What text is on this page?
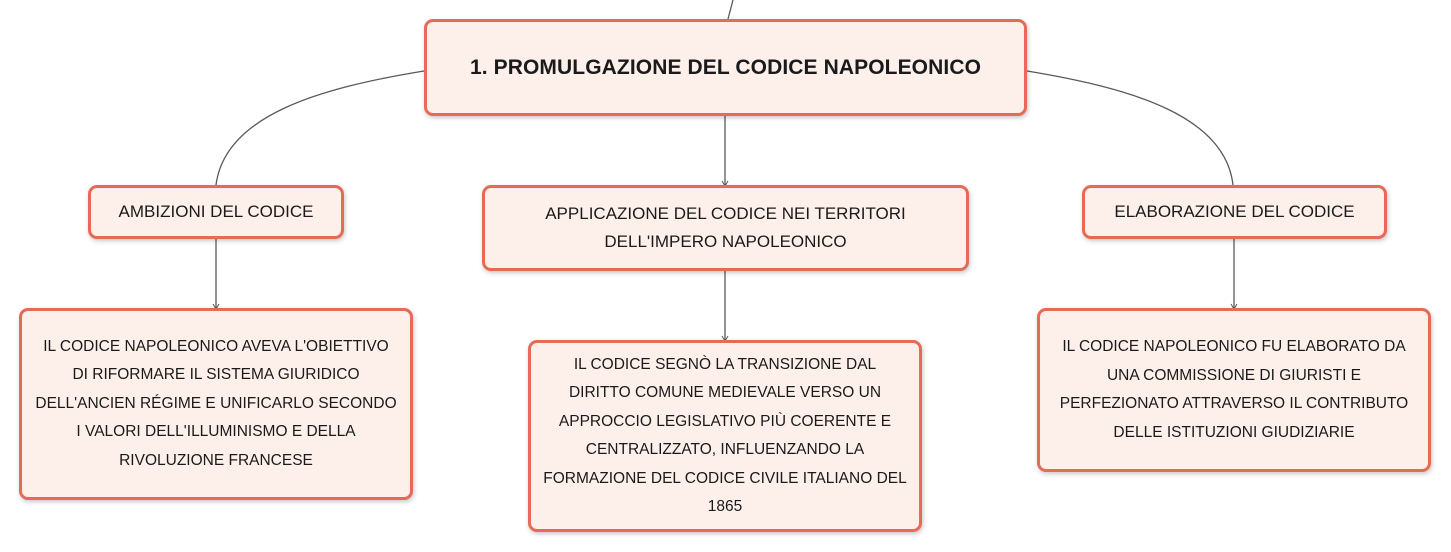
1. PROMULGAZIONE DEL CODICE NAPOLEONICO
AMBIZIONI DEL CODICE	APPLICAZIONE DEL CODICE NEI TERRITORI DELL'IMPERO NAPOLEONICO
ELABORAZIONE DEL CODICE
IL CODICE NAPOLEONICO AVEVA L'OBIETTIVO DI RIFORMARE IL SISTEMA GIURIDICO DELL'ANCIEN RÉGIME E UNIFICARLO SECONDO I VALORI DELL'ILLUMINISMO E DELLA RIVOLUZIONE FRANCESE
IL CODICE SEGNÒ LA TRANSIZIONE DAL DIRITTO COMUNE MEDIEVALE VERSO UN APPROCCIO LEGISLATIVO PIÙ COERENTE E CENTRALIZZATO, INFLUENZANDO LA FORMAZIONE DEL CODICE CIVILE ITALIANO DEL 1865
IL CODICE NAPOLEONICO FU ELABORATO DA UNA COMMISSIONE DI GIURISTI E PERFEZIONATO ATTRAVERSO IL CONTRIBUTO DELLE ISTITUZIONI GIUDIZIARIE
